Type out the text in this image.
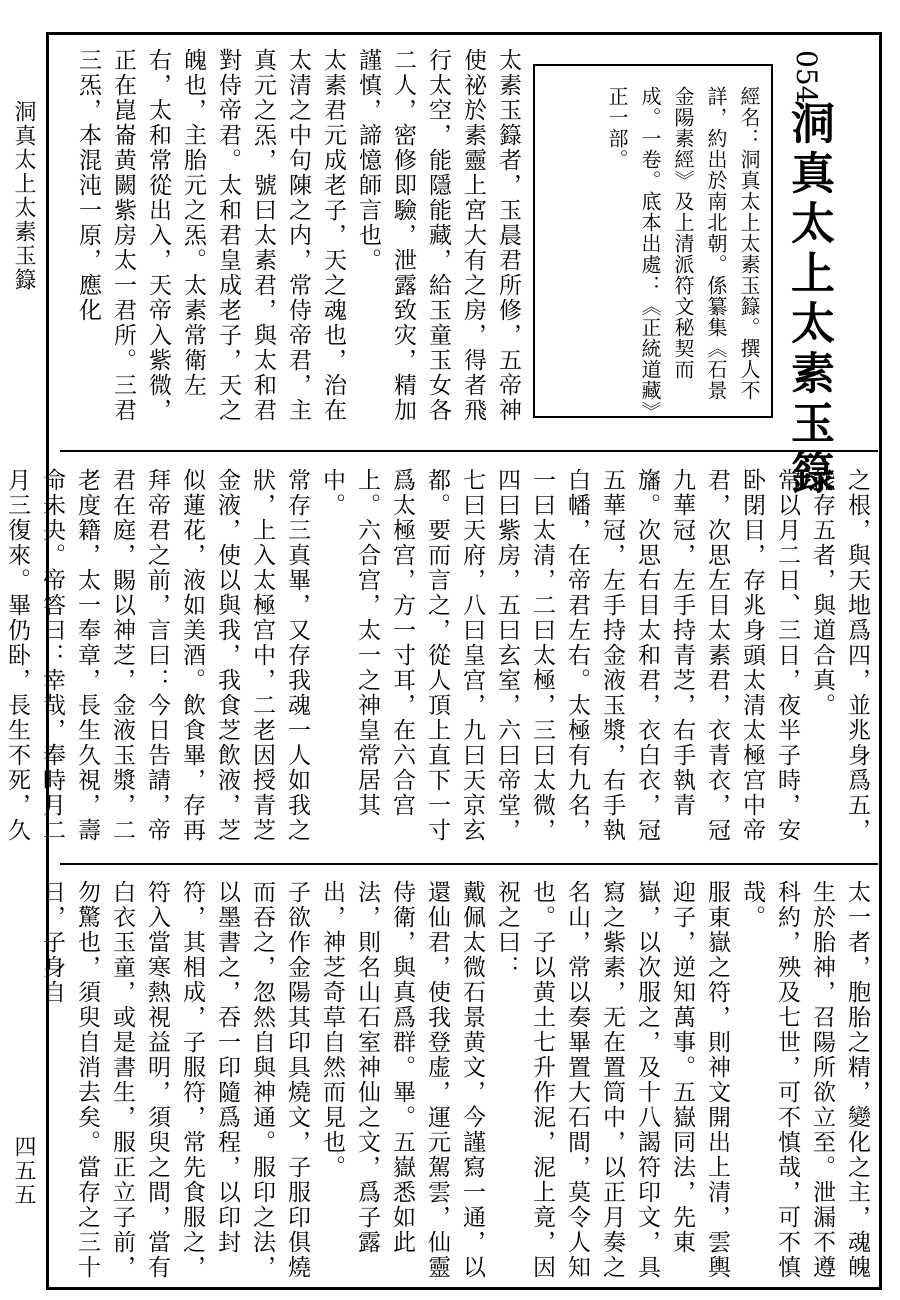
洞真太上太素玉籙
四五五
054
洞真太上太素玉籙
經名：洞真太上太素玉籙。撰人不詳，約出於南北朝。係纂集《石景金陽素經》及上清派符文秘契而成。一卷。底本出處：《正統道藏》正一部。

太素玉籙者，玉晨君所修，五帝神使祕於素靈上宮大有之房，得者飛行太空，能隱能藏，給玉童玉女各二人，密修即驗，泄露致灾，精加謹慎，諦憶師言也。

太素君元成老子，天之魂也，治在太清之中句陳之内，常侍帝君，主真元之炁，號曰太素君，與太和君對侍帝君。太和君皇成老子，天之魄也，主胎元之炁。太素常衛左右，太和常從出入，天帝入紫微，正在崑崙黄闕紫房太一君所。三君三炁，本混沌一原，應化

之根，與天地爲四，並兆身爲五，能存五者，與道合真。

常以月二日、三日，夜半子時，安卧閉目，存兆身頭太清太極宫中帝君，次思左目太素君，衣青衣，冠九華冠，左手持青芝，右手執青旛。次思右目太和君，衣白衣，冠五華冠，左手持金液玉漿，右手執白幡，在帝君左右。太極有九名，一曰太清，二曰太極，三曰太微，四曰紫房，五曰玄室，六曰帝堂，七曰天府，八曰皇宫，九曰天京玄都。要而言之，從人頂上直下一寸爲太極宫，方一寸耳，在六合宫上。六合宫，太一之神皇常居其中。

常存三真畢，又存我魂一人如我之狀，上入太極宫中，二老因授青芝金液，使以與我，我食芝飲液，芝似蓮花，液如美酒。飲食畢，存再拜帝君之前，言曰：今日告請，帝君在庭，賜以神芝，金液玉漿，二老度籍，太一奉章，長生久視，壽命未央。帝答曰：幸哉，奉時月二月三復來。畢仍卧，長生不死，久

太一者，胞胎之精，變化之主，魂魄生於胎神，召陽所欲立至。泄漏不遵科約，殃及七世，可不慎哉，可不慎哉。

服東嶽之符，則神文開出上清，雲輿迎子，逆知萬事。五嶽同法，先東嶽，以次服之，及十八謁符印文，具寫之紫素，无在置筒中，以正月奏之名山，常以奏畢置大石間，莫令人知也。子以黄土七升作泥，泥上竟，因祝之曰：

戴佩太微石景黄文，今謹寫一通，以還仙君，使我登虚，運元駕雲，仙靈侍衛，與真爲群。畢。五嶽悉如此法，則名山石室神仙之文，爲子露出，神芝奇草自然而見也。

子欲作金陽其印具燒文，子服印俱燒而吞之，忽然自與神通。服印之法，以墨書之，吞一印隨爲程，以印封符，其相成，子服符，常先食服之，符入當寒熱視益明，須臾之間，當有白衣玉童，或是書生，服正立子前，勿驚也，須臾自消去矣。當存之三十日，子身自
